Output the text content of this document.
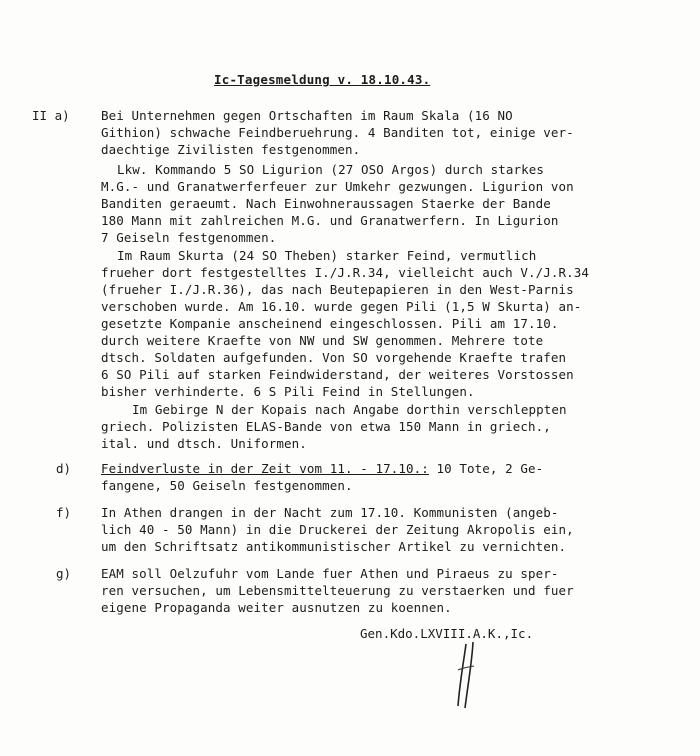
Ic-Tagesmeldung v. 18.10.43.
II a)	Bei Unternehmen gegen Ortschaften im Raum Skala (16 NO
Githion) schwache Feindberuehrung. 4 Banditen tot, einige ver-
daechtige Zivilisten festgenommen.
Lkw. Kommando 5 SO Ligurion (27 OSO Argos) durch starkes
M.G.- und Granatwerferfeuer zur Umkehr gezwungen. Ligurion von
Banditen geraeumt. Nach Einwohneraussagen Staerke der Bande
180 Mann mit zahlreichen M.G. und Granatwerfern. In Ligurion
7 Geiseln festgenommen.
Im Raum Skurta (24 SO Theben) starker Feind, vermutlich
frueher dort festgestelltes I./J.R.34, vielleicht auch V./J.R.34
(frueher I./J.R.36), das nach Beutepapieren in den West-Parnis
verschoben wurde. Am 16.10. wurde gegen Pili (1,5 W Skurta) an-
gesetzte Kompanie anscheinend eingeschlossen. Pili am 17.10.
durch weitere Kraefte von NW und SW genommen. Mehrere tote
dtsch. Soldaten aufgefunden. Von SO vorgehende Kraefte trafen
6 SO Pili auf starken Feindwiderstand, der weiteres Vorstossen
bisher verhinderte. 6 S Pili Feind in Stellungen.
Im Gebirge N der Kopais nach Angabe dorthin verschleppten
griech. Polizisten ELAS-Bande von etwa 150 Mann in griech.,
ital. und dtsch. Uniformen.
d) Feindverluste in der Zeit vom 11. - 17.10.: 10 Tote, 2 Ge-
fangene, 50 Geiseln festgenommen.
f) In Athen drangen in der Nacht zum 17.10. Kommunisten (angeb-
lich 40 - 50 Mann) in die Druckerei der Zeitung Akropolis ein,
um den Schriftsatz antikommunistischer Artikel zu vernichten.
g) EAM soll Oelzufuhr vom Lande fuer Athen und Piraeus zu sper-
ren versuchen, um Lebensmittelteuerung zu verstaerken und fuer
eigene Propaganda weiter ausnutzen zu koennen.
Gen.Kdo.LXVIII.A.K.,Ic.
